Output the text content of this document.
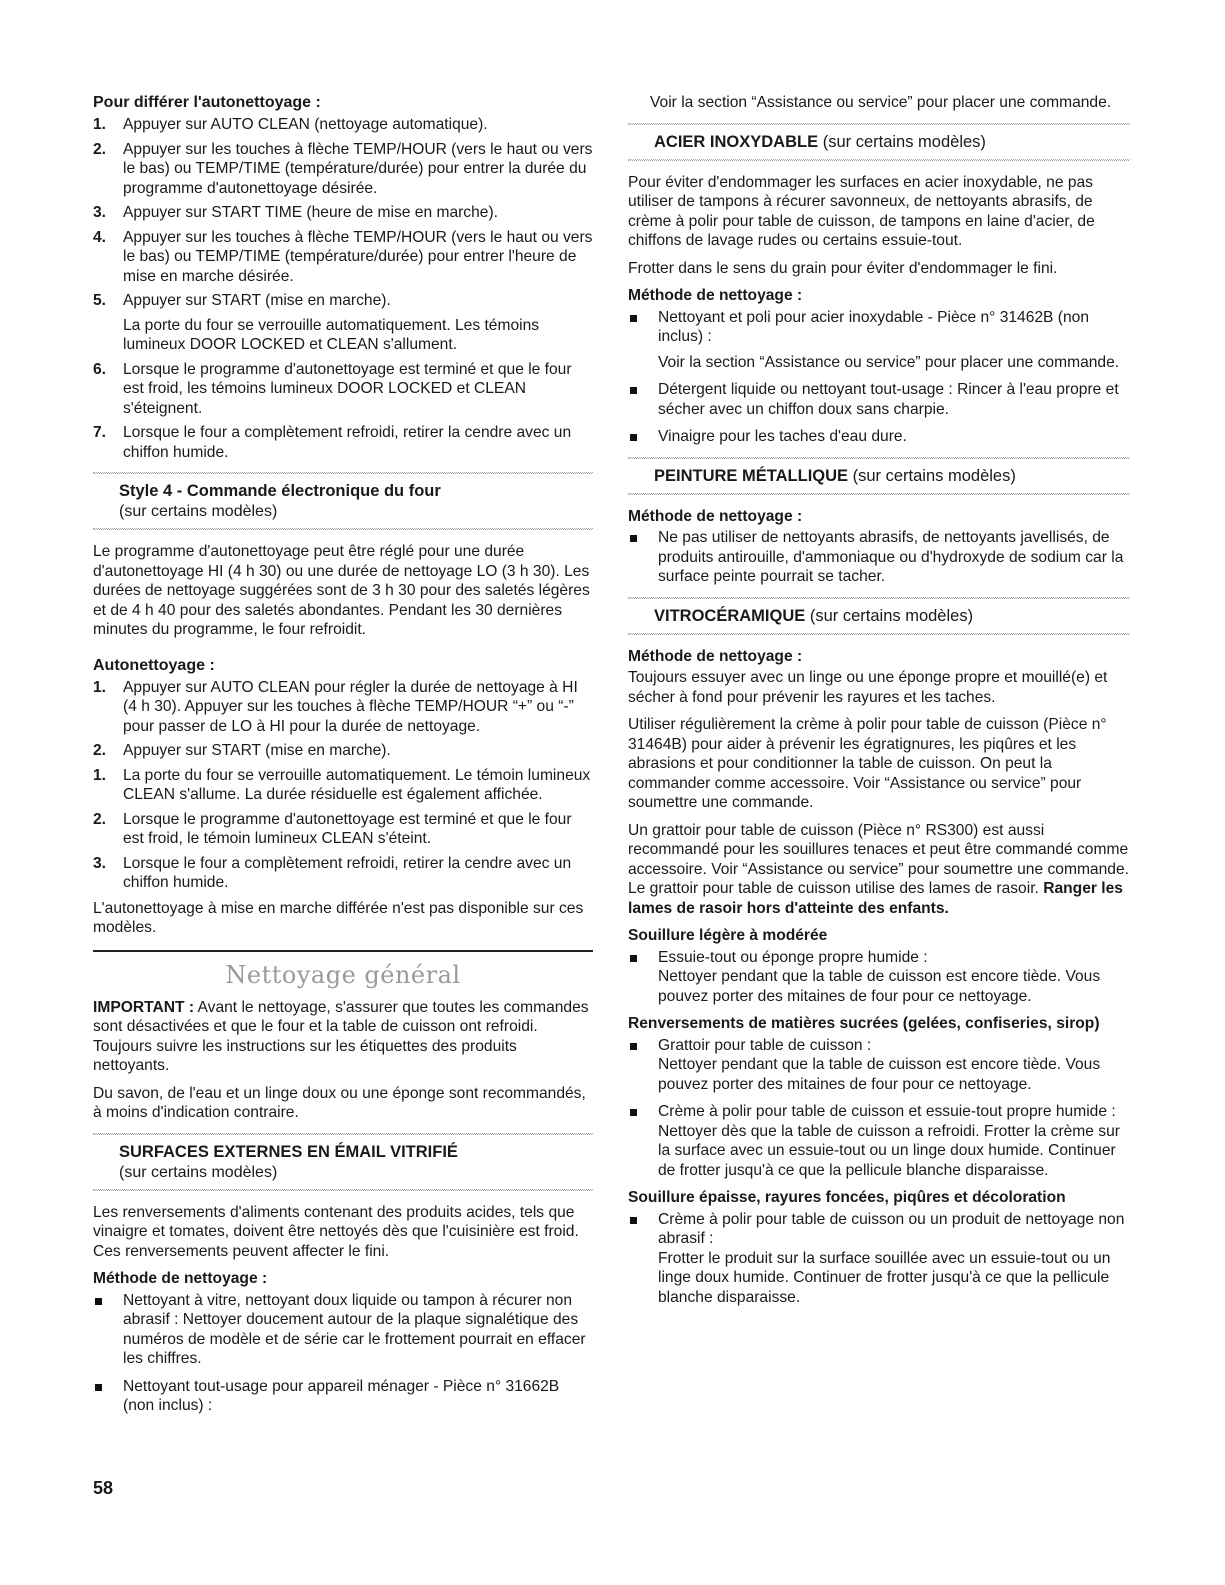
Pour différer l'autonettoyage :
1. Appuyer sur AUTO CLEAN (nettoyage automatique).
2. Appuyer sur les touches à flèche TEMP/HOUR (vers le haut ou vers le bas) ou TEMP/TIME (température/durée) pour entrer la durée du programme d'autonettoyage désirée.
3. Appuyer sur START TIME (heure de mise en marche).
4. Appuyer sur les touches à flèche TEMP/HOUR (vers le haut ou vers le bas) ou TEMP/TIME (température/durée) pour entrer l'heure de mise en marche désirée.
5. Appuyer sur START (mise en marche).
La porte du four se verrouille automatiquement. Les témoins lumineux DOOR LOCKED et CLEAN s'allument.
6. Lorsque le programme d'autonettoyage est terminé et que le four est froid, les témoins lumineux DOOR LOCKED et CLEAN s'éteignent.
7. Lorsque le four a complètement refroidi, retirer la cendre avec un chiffon humide.
Style 4 - Commande électronique du four
(sur certains modèles)

Le programme d'autonettoyage peut être réglé pour une durée d'autonettoyage HI (4 h 30) ou une durée de nettoyage LO (3 h 30). Les durées de nettoyage suggérées sont de 3 h 30 pour des saletés légères et de 4 h 40 pour des saletés abondantes. Pendant les 30 dernières minutes du programme, le four refroidit.

Autonettoyage :
1. Appuyer sur AUTO CLEAN pour régler la durée de nettoyage à HI (4 h 30). Appuyer sur les touches à flèche TEMP/HOUR “+” ou “-” pour passer de LO à HI pour la durée de nettoyage.
2. Appuyer sur START (mise en marche).
1. La porte du four se verrouille automatiquement. Le témoin lumineux CLEAN s'allume. La durée résiduelle est également affichée.
2. Lorsque le programme d'autonettoyage est terminé et que le four est froid, le témoin lumineux CLEAN s'éteint.
3. Lorsque le four a complètement refroidi, retirer la cendre avec un chiffon humide.

L'autonettoyage à mise en marche différée n'est pas disponible sur ces modèles.

Nettoyage général

IMPORTANT : Avant le nettoyage, s'assurer que toutes les commandes sont désactivées et que le four et la table de cuisson ont refroidi. Toujours suivre les instructions sur les étiquettes des produits nettoyants.

Du savon, de l'eau et un linge doux ou une éponge sont recommandés, à moins d'indication contraire.

SURFACES EXTERNES EN ÉMAIL VITRIFIÉ
(sur certains modèles)

Les renversements d'aliments contenant des produits acides, tels que vinaigre et tomates, doivent être nettoyés dès que l'cuisinière est froid. Ces renversements peuvent affecter le fini.

Méthode de nettoyage :
Nettoyant à vitre, nettoyant doux liquide ou tampon à récurer non abrasif : Nettoyer doucement autour de la plaque signalétique des numéros de modèle et de série car le frottement pourrait en effacer les chiffres.
Nettoyant tout-usage pour appareil ménager - Pièce n° 31662B (non inclus) :

Voir la section “Assistance ou service” pour placer une commande.

ACIER INOXYDABLE (sur certains modèles)

Pour éviter d'endommager les surfaces en acier inoxydable, ne pas utiliser de tampons à récurer savonneux, de nettoyants abrasifs, de crème à polir pour table de cuisson, de tampons en laine d'acier, de chiffons de lavage rudes ou certains essuie-tout.

Frotter dans le sens du grain pour éviter d'endommager le fini.

Méthode de nettoyage :
Nettoyant et poli pour acier inoxydable - Pièce n° 31462B (non inclus) :
Voir la section “Assistance ou service” pour placer une commande.
Détergent liquide ou nettoyant tout-usage : Rincer à l'eau propre et sécher avec un chiffon doux sans charpie.
Vinaigre pour les taches d'eau dure.
PEINTURE MÉTALLIQUE (sur certains modèles)
Méthode de nettoyage :
Ne pas utiliser de nettoyants abrasifs, de nettoyants javellisés, de produits antirouille, d'ammoniaque ou d'hydroxyde de sodium car la surface peinte pourrait se tacher.
VITROCÉRAMIQUE (sur certains modèles)
Méthode de nettoyage :

Toujours essuyer avec un linge ou une éponge propre et mouillé(e) et sécher à fond pour prévenir les rayures et les taches.

Utiliser régulièrement la crème à polir pour table de cuisson (Pièce n° 31464B) pour aider à prévenir les égratignures, les piqûres et les abrasions et pour conditionner la table de cuisson. On peut la commander comme accessoire. Voir “Assistance ou service” pour soumettre une commande.

Un grattoir pour table de cuisson (Pièce n° RS300) est aussi recommandé pour les souillures tenaces et peut être commandé comme accessoire. Voir “Assistance ou service” pour soumettre une commande. Le grattoir pour table de cuisson utilise des lames de rasoir. Ranger les lames de rasoir hors d'atteinte des enfants.

Souillure légère à modérée
Essuie-tout ou éponge propre humide :
Nettoyer pendant que la table de cuisson est encore tiède. Vous pouvez porter des mitaines de four pour ce nettoyage.
Renversements de matières sucrées (gelées, confiseries, sirop)
Grattoir pour table de cuisson :
Nettoyer pendant que la table de cuisson est encore tiède. Vous pouvez porter des mitaines de four pour ce nettoyage.
Crème à polir pour table de cuisson et essuie-tout propre humide :
Nettoyer dès que la table de cuisson a refroidi. Frotter la crème sur la surface avec un essuie-tout ou un linge doux humide. Continuer de frotter jusqu'à ce que la pellicule blanche disparaisse.
Souillure épaisse, rayures foncées, piqûres et décoloration
Crème à polir pour table de cuisson ou un produit de nettoyage non abrasif :
Frotter le produit sur la surface souillée avec un essuie-tout ou un linge doux humide. Continuer de frotter jusqu'à ce que la pellicule blanche disparaisse.
58
